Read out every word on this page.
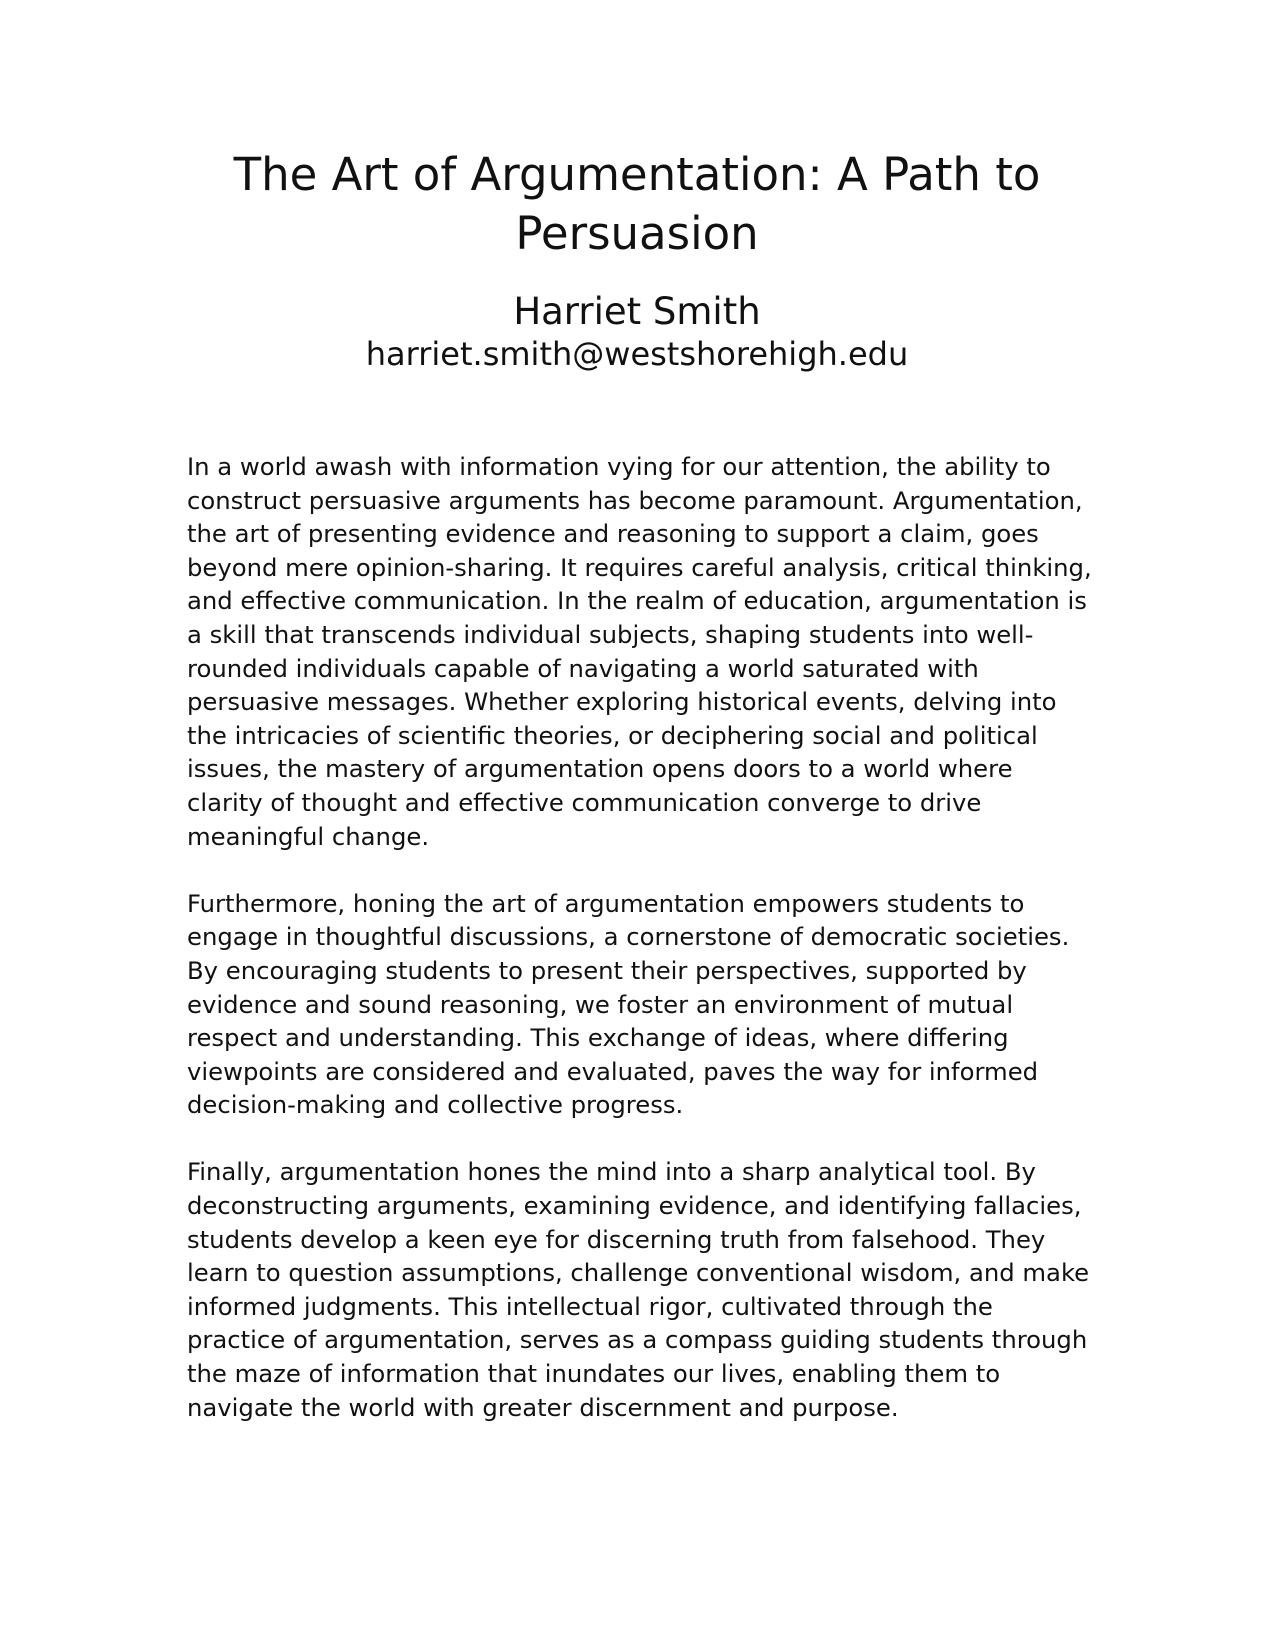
The Art of Argumentation: A Path to Persuasion
Harriet Smith
harriet.smith@westshorehigh.edu

In a world awash with information vying for our attention, the ability to construct persuasive arguments has become paramount. Argumentation, the art of presenting evidence and reasoning to support a claim, goes beyond mere opinion-sharing. It requires careful analysis, critical thinking, and effective communication. In the realm of education, argumentation is a skill that transcends individual subjects, shaping students into well-rounded individuals capable of navigating a world saturated with persuasive messages. Whether exploring historical events, delving into the intricacies of scientific theories, or deciphering social and political issues, the mastery of argumentation opens doors to a world where clarity of thought and effective communication converge to drive meaningful change.

Furthermore, honing the art of argumentation empowers students to engage in thoughtful discussions, a cornerstone of democratic societies. By encouraging students to present their perspectives, supported by evidence and sound reasoning, we foster an environment of mutual respect and understanding. This exchange of ideas, where differing viewpoints are considered and evaluated, paves the way for informed decision-making and collective progress.

Finally, argumentation hones the mind into a sharp analytical tool. By deconstructing arguments, examining evidence, and identifying fallacies, students develop a keen eye for discerning truth from falsehood. They learn to question assumptions, challenge conventional wisdom, and make informed judgments. This intellectual rigor, cultivated through the practice of argumentation, serves as a compass guiding students through the maze of information that inundates our lives, enabling them to navigate the world with greater discernment and purpose.
